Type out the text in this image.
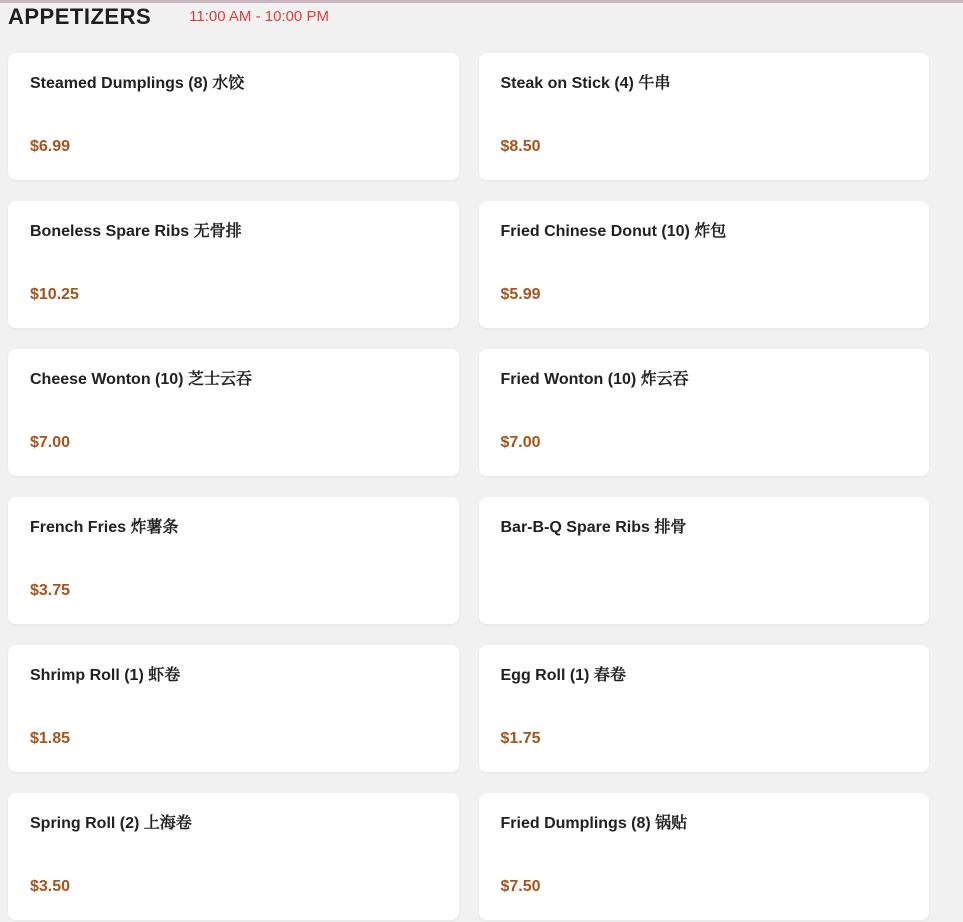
APPETIZERS	11:00 AM - 10:00 PM
Steamed Dumplings (8) 水饺
$6.99
Steak on Stick (4) 牛串
$8.50
Boneless Spare Ribs 无骨排
$10.25
Fried Chinese Donut (10) 炸包
$5.99
Cheese Wonton (10) 芝士云吞
$7.00
Fried Wonton (10) 炸云吞
$7.00
French Fries 炸薯条
$3.75
Bar-B-Q Spare Ribs 排骨
Shrimp Roll (1) 虾卷
$1.85
Egg Roll (1) 春卷
$1.75
Spring Roll (2) 上海卷
$3.50
Fried Dumplings (8) 锅贴
$7.50
